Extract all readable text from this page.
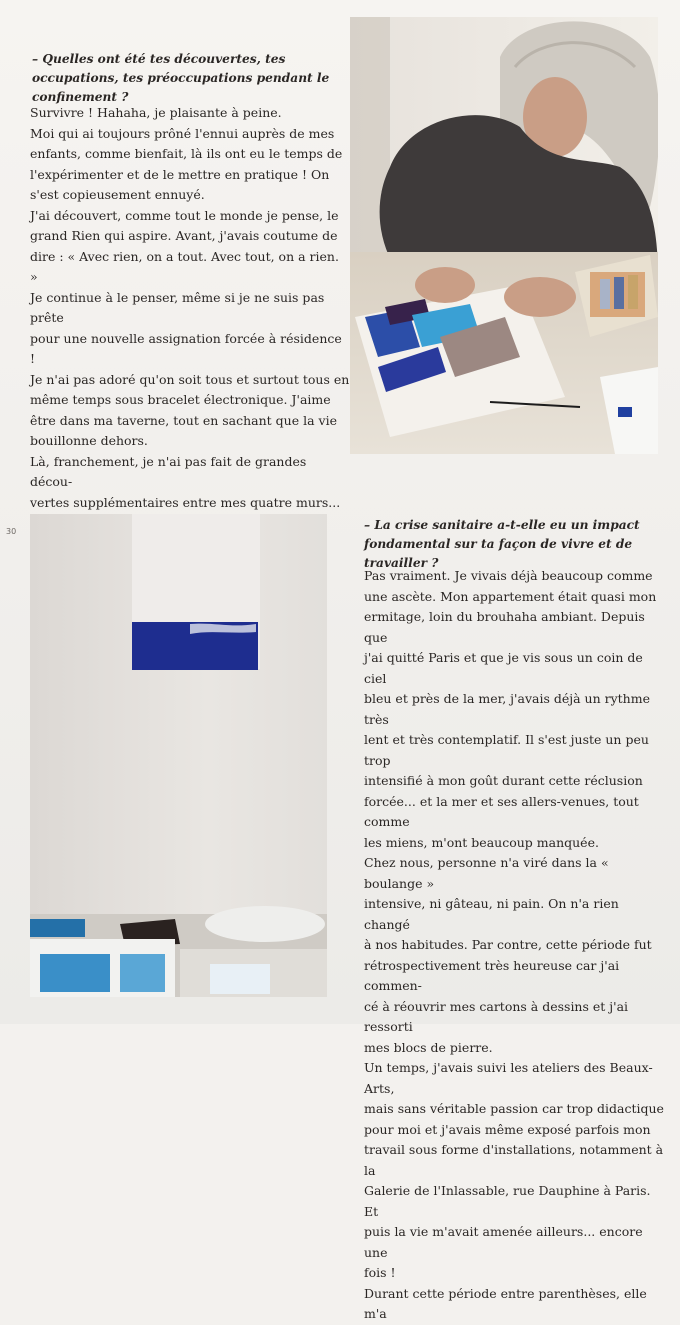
– Quelles ont été tes découvertes, tes occupations, tes préoccupations pendant le confinement ?

Survivre ! Hahaha, je plaisante à peine.

Moi qui ai toujours prôné l'ennui auprès de mes

enfants, comme bienfait, là ils ont eu le temps de

l'expérimenter et de le mettre en pratique ! On

s'est copieusement ennuyé.

J'ai découvert, comme tout le monde je pense, le

grand Rien qui aspire. Avant, j'avais coutume de

dire : « Avec rien, on a tout. Avec tout, on a rien. »

Je continue à le penser, même si je ne suis pas prête

pour une nouvelle assignation forcée à résidence !

Je n'ai pas adoré qu'on soit tous et surtout tous en

même temps sous bracelet électronique. J'aime

être dans ma taverne, tout en sachant que la vie

bouillonne dehors.

Là, franchement, je n'ai pas fait de grandes décou-

vertes supplémentaires entre mes quatre murs...

30	– La crise sanitaire a-t-elle eu un impact fondamental sur ta façon de vivre et de travailler ?

Pas vraiment. Je vivais déjà beaucoup comme

une ascète. Mon appartement était quasi mon

ermitage, loin du brouhaha ambiant. Depuis que

j'ai quitté Paris et que je vis sous un coin de ciel

bleu et près de la mer, j'avais déjà un rythme très

lent et très contemplatif. Il s'est juste un peu trop

intensifié à mon goût durant cette réclusion

forcée... et la mer et ses allers-venues, tout comme

les miens, m'ont beaucoup manquée.

Chez nous, personne n'a viré dans la « boulange »

intensive, ni gâteau, ni pain. On n'a rien changé

à nos habitudes. Par contre, cette période fut

rétrospectivement très heureuse car j'ai commen-

cé à réouvrir mes cartons à dessins et j'ai ressorti

mes blocs de pierre.

Un temps, j'avais suivi les ateliers des Beaux-Arts,

mais sans véritable passion car trop didactique

pour moi et j'avais même exposé parfois mon

travail sous forme d'installations, notamment à la

Galerie de l'Inlassable, rue Dauphine à Paris. Et

puis la vie m'avait amenée ailleurs... encore une

fois !

Durant cette période entre parenthèses, elle m'a
